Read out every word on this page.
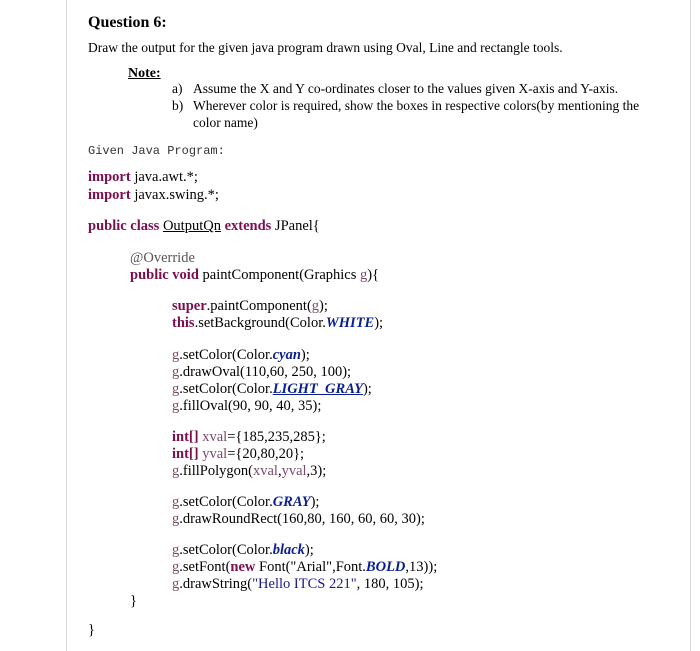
Question 6:
Draw the output for the given java program drawn using Oval, Line and rectangle tools.
Note:
a) Assume the X and Y co-ordinates closer to the values given X-axis and Y-axis.
b) Wherever color is required, show the boxes in respective colors(by mentioning the
color name)
Given Java Program:
import java.awt.*;
import javax.swing.*;
public class OutputQn extends JPanel{
@Override
public void paintComponent(Graphics g){
super.paintComponent(g);
this.setBackground(Color.WHITE);
g.setColor(Color.cyan);
g.drawOval(110,60, 250, 100);
g.setColor(Color.LIGHT_GRAY);
g.fillOval(90, 90, 40, 35);
int[] xval={185,235,285};
int[] yval={20,80,20};
g.fillPolygon(xval,yval,3);
g.setColor(Color.GRAY);
g.drawRoundRect(160,80, 160, 60, 60, 30);
g.setColor(Color.black);
g.setFont(new Font("Arial",Font.BOLD,13));
g.drawString("Hello ITCS 221", 180, 105);
}
}
